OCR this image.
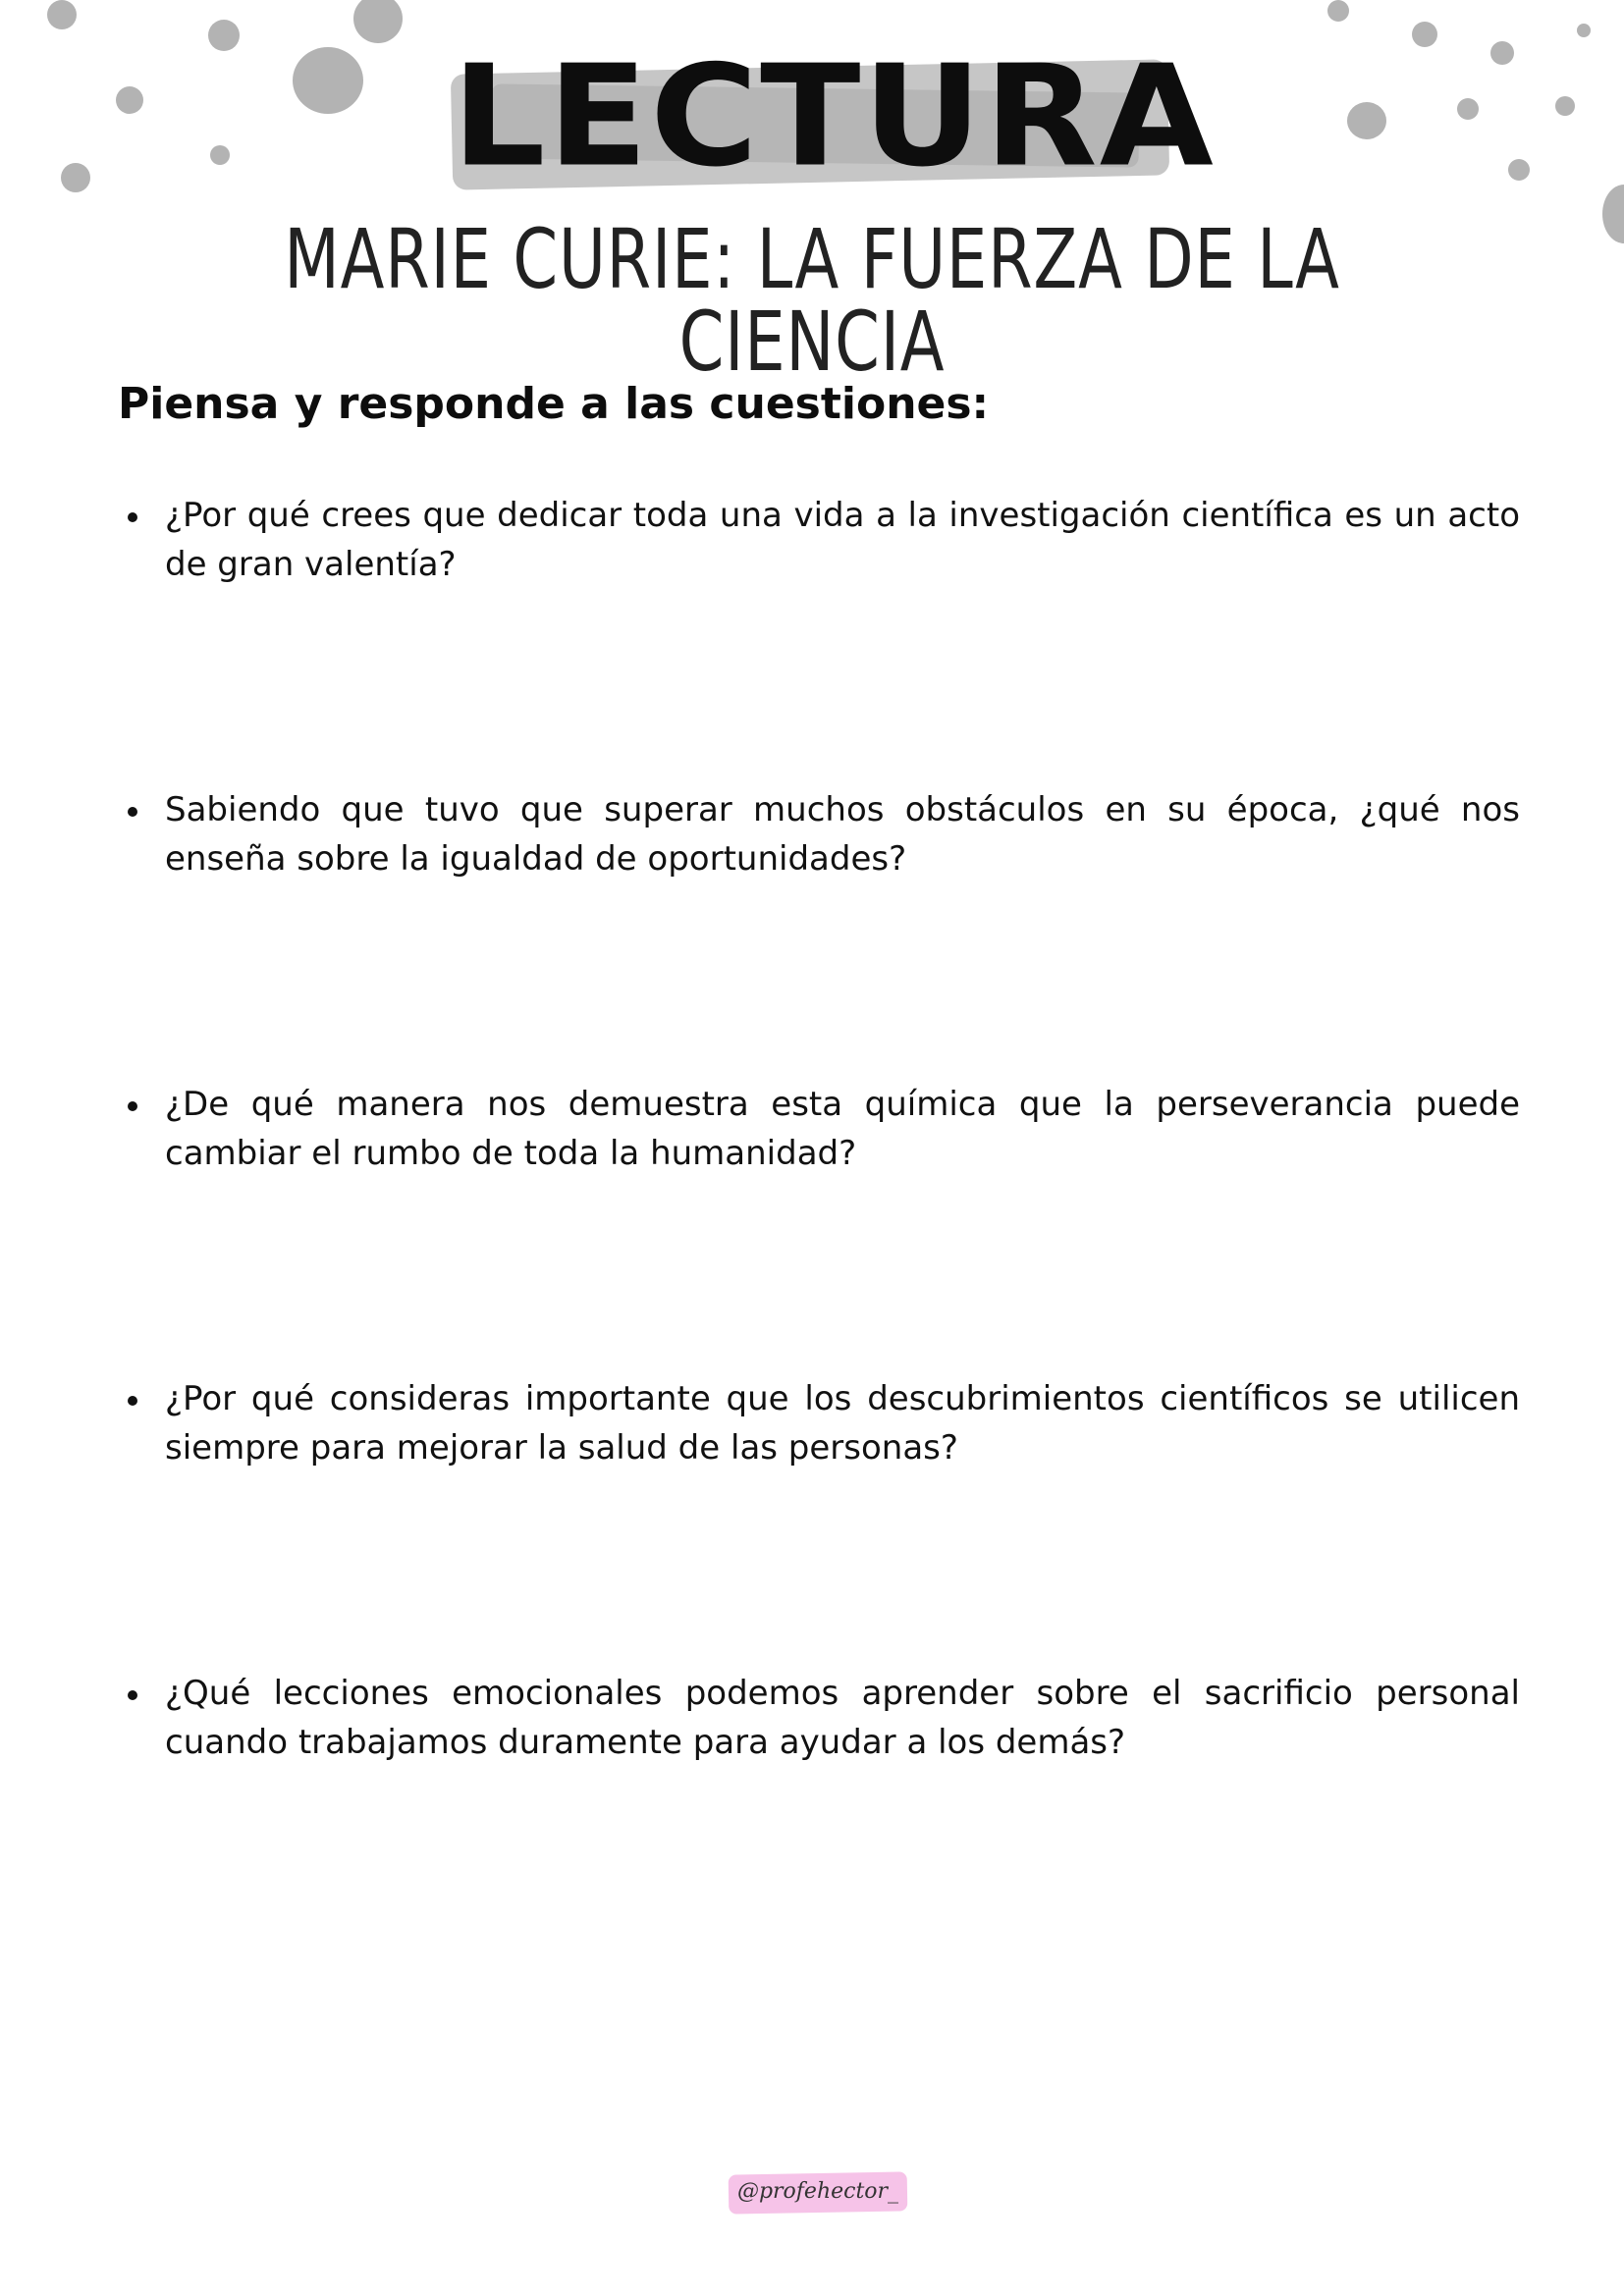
LECTURA
MARIE CURIE: LA FUERZA DE LA CIENCIA
Piensa y responde a las cuestiones:
¿Por qué crees que dedicar toda una vida a la investigación científica es un acto de gran valentía?
Sabiendo que tuvo que superar muchos obstáculos en su época, ¿qué nos enseña sobre la igualdad de oportunidades?
¿De qué manera nos demuestra esta química que la perseverancia puede cambiar el rumbo de toda la humanidad?
¿Por qué consideras importante que los descubrimientos científicos se utilicen siempre para mejorar la salud de las personas?
¿Qué lecciones emocionales podemos aprender sobre el sacrificio personal cuando trabajamos duramente para ayudar a los demás?
@profehector_
